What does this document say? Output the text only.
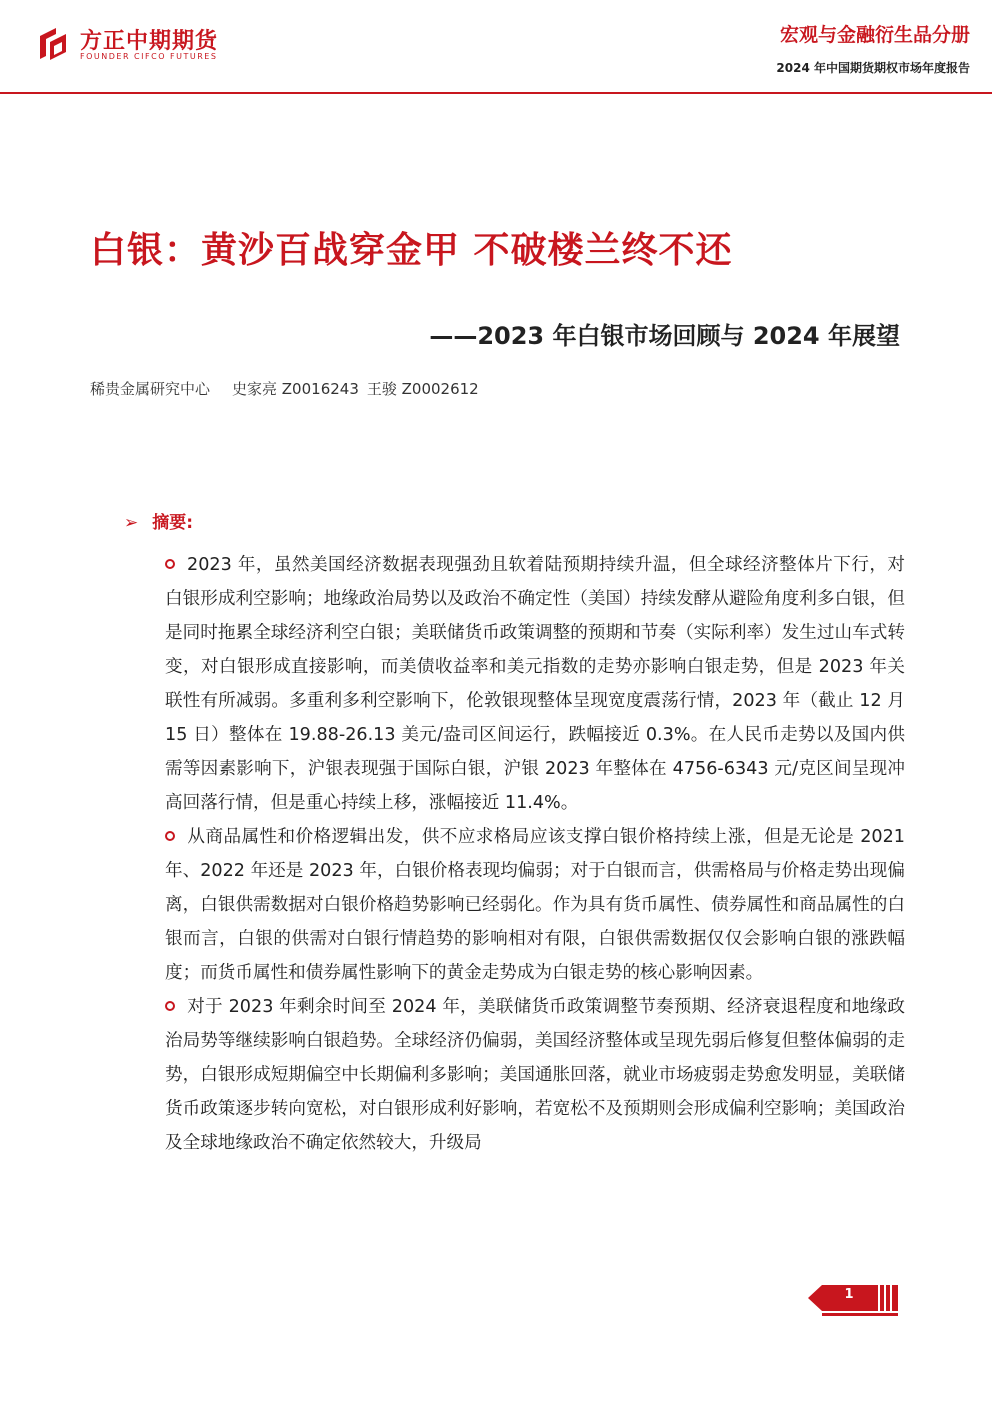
方正中期期货
FOUNDER CIFCO FUTURES
宏观与金融衍生品分册
2024 年中国期货期权市场年度报告
白银：黄沙百战穿金甲 不破楼兰终不还
——2023 年白银市场回顾与 2024 年展望
稀贵金属研究中心 史家亮 Z0016243 王骏 Z0002612
➢ 摘要:

2023 年，虽然美国经济数据表现强劲且软着陆预期持续升温，但全球经济整体片下行，对白银形成利空影响；地缘政治局势以及政治不确定性（美国）持续发酵从避险角度利多白银，但是同时拖累全球经济利空白银；美联储货币政策调整的预期和节奏（实际利率）发生过山车式转变，对白银形成直接影响，而美债收益率和美元指数的走势亦影响白银走势，但是 2023 年关联性有所减弱。多重利多利空影响下，伦敦银现整体呈现宽度震荡行情，2023 年（截止 12 月 15 日）整体在 19.88-26.13 美元/盎司区间运行，跌幅接近 0.3%。在人民币走势以及国内供需等因素影响下，沪银表现强于国际白银，沪银 2023 年整体在 4756-6343 元/克区间呈现冲高回落行情，但是重心持续上移，涨幅接近 11.4%。

从商品属性和价格逻辑出发，供不应求格局应该支撑白银价格持续上涨，但是无论是 2021 年、2022 年还是 2023 年，白银价格表现均偏弱；对于白银而言，供需格局与价格走势出现偏离，白银供需数据对白银价格趋势影响已经弱化。作为具有货币属性、债券属性和商品属性的白银而言，白银的供需对白银行情趋势的影响相对有限，白银供需数据仅仅会影响白银的涨跌幅度；而货币属性和债券属性影响下的黄金走势成为白银走势的核心影响因素。

对于 2023 年剩余时间至 2024 年，美联储货币政策调整节奏预期、经济衰退程度和地缘政治局势等继续影响白银趋势。全球经济仍偏弱，美国经济整体或呈现先弱后修复但整体偏弱的走势，白银形成短期偏空中长期偏利多影响；美国通胀回落，就业市场疲弱走势愈发明显，美联储货币政策逐步转向宽松，对白银形成利好影响，若宽松不及预期则会形成偏利空影响；美国政治及全球地缘政治不确定依然较大，升级局

1
